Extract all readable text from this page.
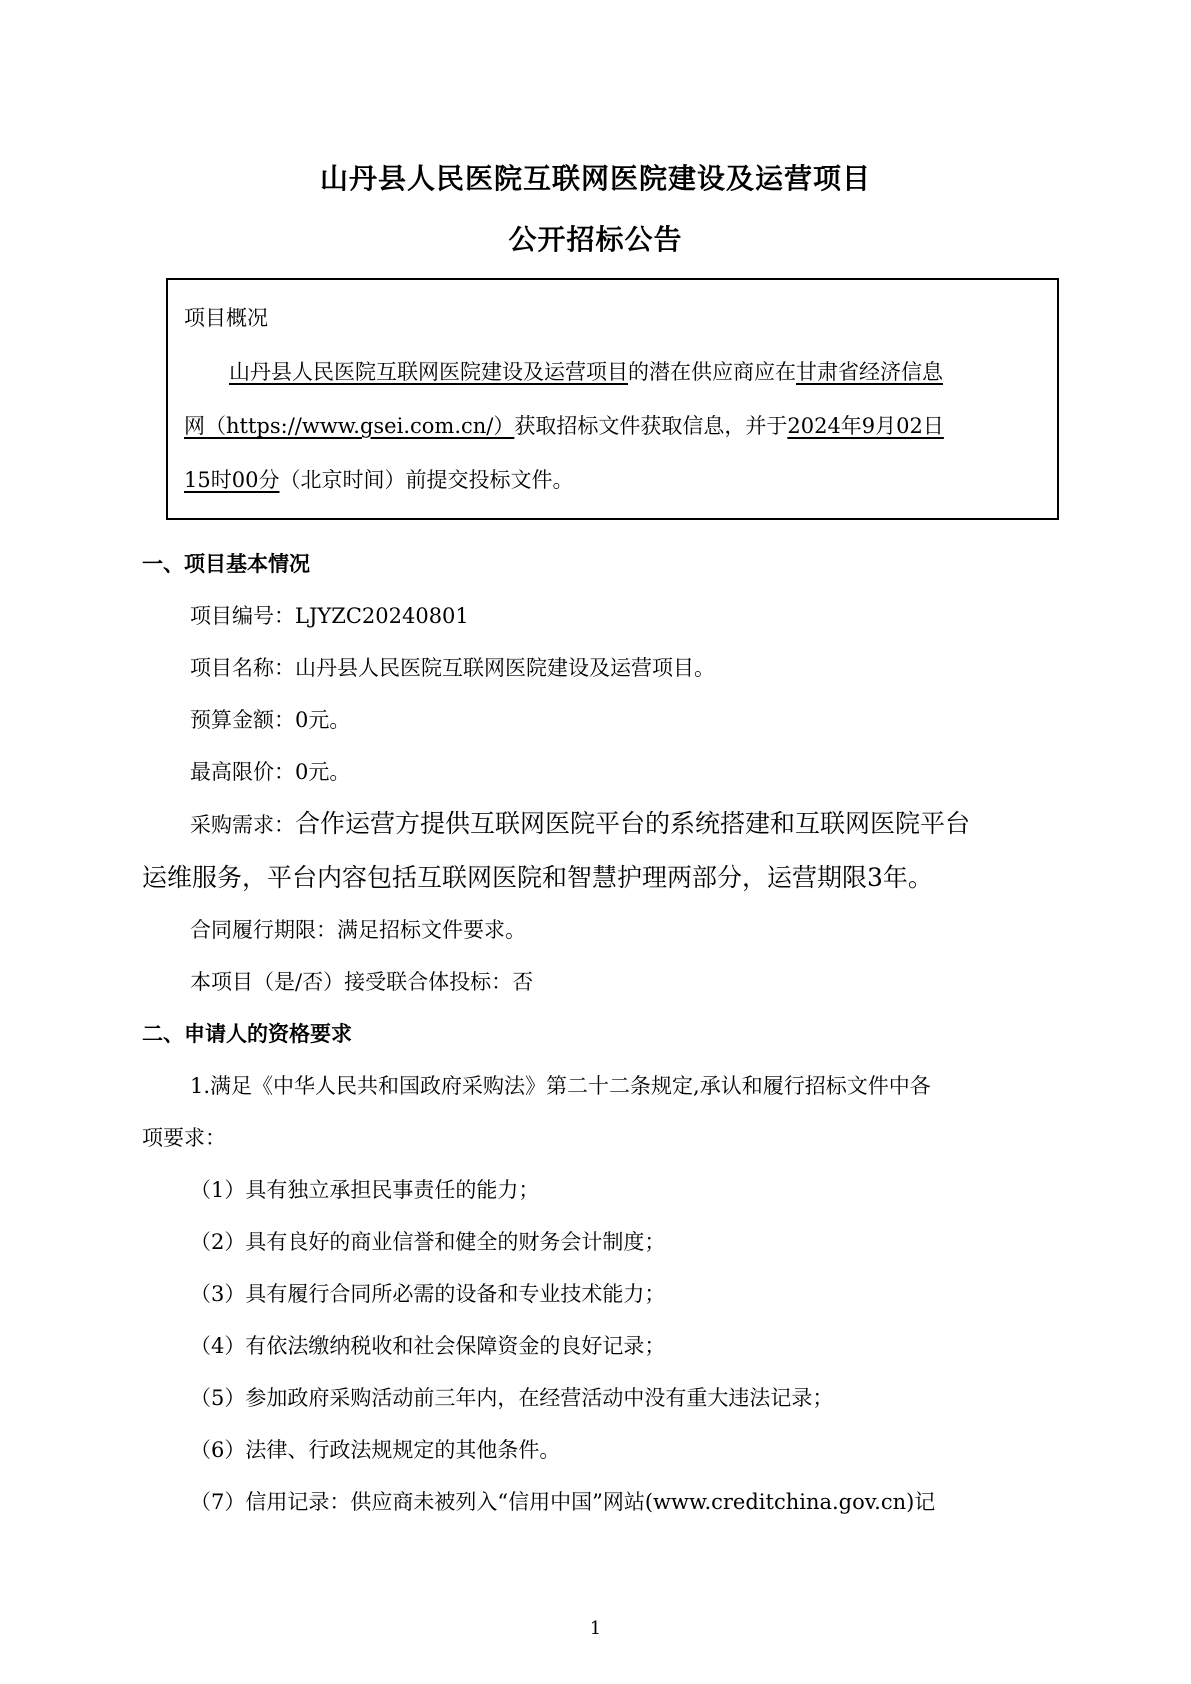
山丹县人民医院互联网医院建设及运营项目
公开招标公告
项目概况
山丹县人民医院互联网医院建设及运营项目的潜在供应商应在甘肃省经济信息
网（https://www.gsei.com.cn/）获取招标文件获取信息，并于2024年9月02日
15时00分（北京时间）前提交投标文件。
一、项目基本情况
项目编号：LJYZC20240801
项目名称：山丹县人民医院互联网医院建设及运营项目。
预算金额：0元。
最高限价：0元。
采购需求：合作运营方提供互联网医院平台的系统搭建和互联网医院平台
运维服务，平台内容包括互联网医院和智慧护理两部分，运营期限3年。
合同履行期限：满足招标文件要求。
本项目（是/否）接受联合体投标：否
二、申请人的资格要求
1.满足《中华人民共和国政府采购法》第二十二条规定,承认和履行招标文件中各
项要求：
（1）具有独立承担民事责任的能力；
（2）具有良好的商业信誉和健全的财务会计制度；
（3）具有履行合同所必需的设备和专业技术能力；
（4）有依法缴纳税收和社会保障资金的良好记录；
（5）参加政府采购活动前三年内，在经营活动中没有重大违法记录；
（6）法律、行政法规规定的其他条件。
（7）信用记录：供应商未被列入“信用中国”网站(www.creditchina.gov.cn)记
1
